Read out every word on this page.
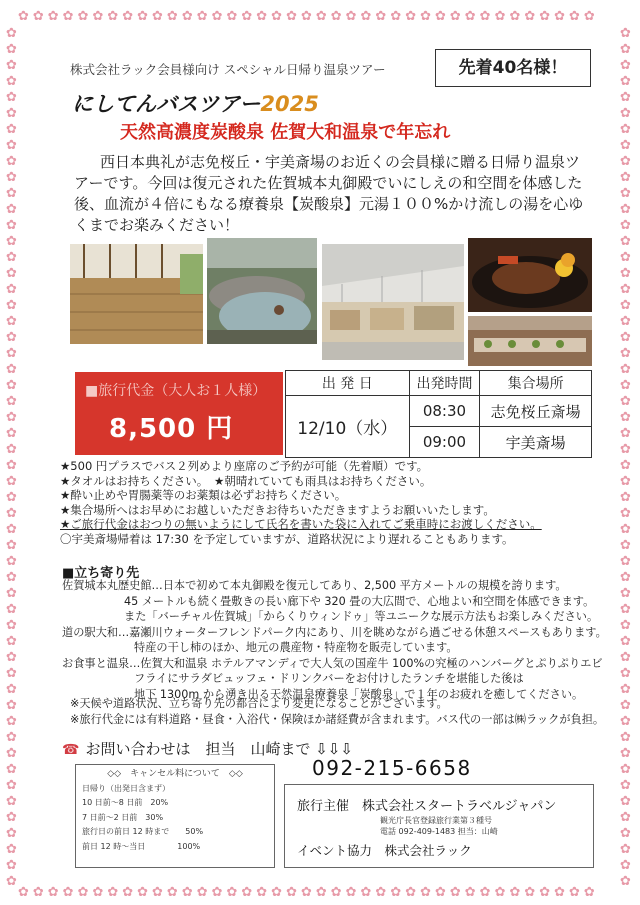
✿✿✿✿✿✿✿✿✿✿✿✿✿✿✿✿✿✿✿✿✿✿✿✿✿✿✿✿✿✿✿✿✿✿✿✿✿✿✿
✿✿✿✿✿✿✿✿✿✿✿✿✿✿✿✿✿✿✿✿✿✿✿✿✿✿✿✿✿✿✿✿✿✿✿✿✿✿✿
✿✿✿✿✿✿✿✿✿✿✿✿✿✿✿✿✿✿✿✿✿✿✿✿✿✿✿✿✿✿✿✿✿✿✿✿✿✿✿✿✿✿✿✿✿✿✿✿✿✿✿✿✿✿
✿✿✿✿✿✿✿✿✿✿✿✿✿✿✿✿✿✿✿✿✿✿✿✿✿✿✿✿✿✿✿✿✿✿✿✿✿✿✿✿✿✿✿✿✿✿✿✿✿✿✿✿✿✿
株式会社ラック会員様向け スペシャル日帰り温泉ツアー	先着40名様！
にしてんバスツアー2025
天然高濃度炭酸泉 佐賀大和温泉で年忘れ
西日本典礼が志免桜丘・宇美斎場のお近くの会員様に贈る日帰り温泉ツアーです。今回は復元された佐賀城本丸御殿でいにしえの和空間を体感した後、血流が４倍にもなる療養泉【炭酸泉】元湯１００%かけ流しの湯を心ゆくまでお楽みください！
■旅行代金（大人お１人様）
8,500 円
出 発 日	出発時間	集合場所
12/10（水）	08:30	志免桜丘斎場
	09:00	宇美斎場
★500 円プラスでバス２列めより座席のご予約が可能（先着順）です。
★タオルはお持ちください。　★朝晴れていても雨具はお持ちください。
★酔い止めや胃腸薬等のお薬類は必ずお持ちください。
★集合場所へはお早めにお越しいただきお待ちいただきますようお願いいたします。
★ご旅行代金はおつりの無いようにして氏名を書いた袋に入れてご乗車時にお渡しください。
〇宇美斎場帰着は 17:30 を予定していますが、道路状況により遅れることもあります。
■立ち寄り先
佐賀城本丸歴史館…日本で初めて本丸御殿を復元してあり、2,500 平方メートルの規模を誇ります。
45 メートルも続く畳敷きの長い廊下や 320 畳の大広間で、心地よい和空間を体感できます。
また「バーチャル佐賀城」「からくりウィンドゥ」等ユニークな展示方法もお楽しみください。
道の駅大和…嘉瀬川ウォーターフレンドパーク内にあり、川を眺めながら過ごせる休憩スペースもあります。
特産の干し柿のほか、地元の農産物・特産物を販売しています。
お食事と温泉…佐賀大和温泉 ホテルアマンディで大人気の国産牛 100%の究極のハンバーグとぷりぷりエビ
フライにサラダビュッフェ・ドリンクバーをお付けしたランチを堪能した後は
地下 1300m から湧き出る天然温泉療養泉「炭酸泉」で１年のお疲れを癒してください。
※天候や道路状況、立ち寄り先の都合により変更になることがございます。
※旅行代金には有料道路・昼食・入浴代・保険ほか諸経費が含まれます。バス代の一部は㈱ラックが負担。
☎ お問い合わせは　担当　山崎まで ⇩⇩⇩
◇◇　キャンセル料について　◇◇
日帰り（出発日含まず）
10 日前～8 日前　20%
7 日前～2 日前　30%
旅行日の前日 12 時まで　　50%
前日 12 時～当日　　　　100%
092-215-6658
旅行主催　株式会社スタートラベルジャパン
観光庁長官登録旅行業第３種号
電話 092-409-1483 担当：山崎
イベント協力　株式会社ラック
